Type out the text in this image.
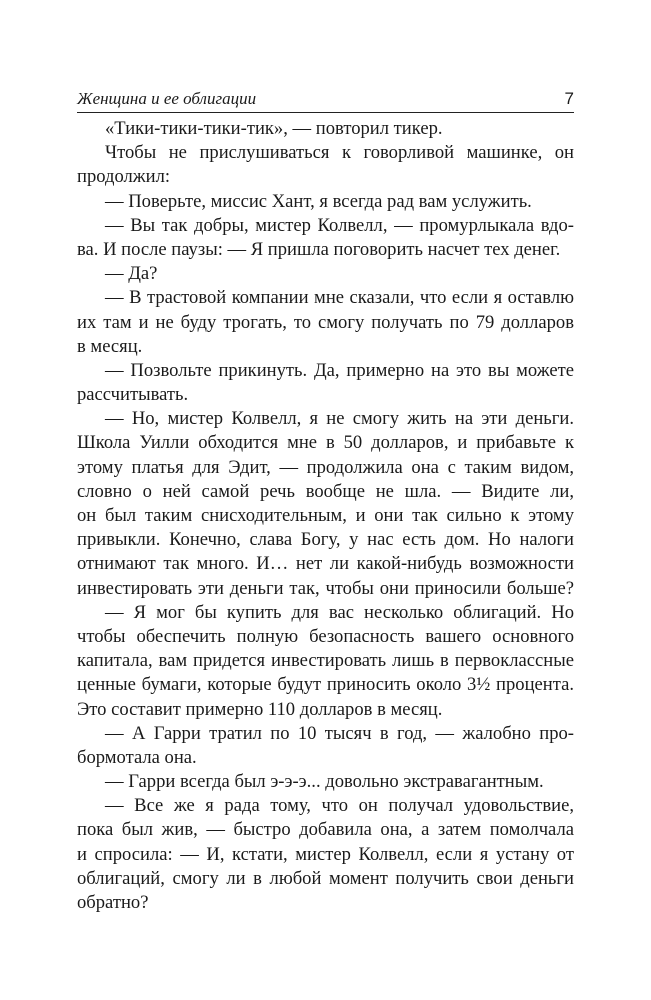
Женщина и ее облигации	7
«Тики-тики-тики-тик», — повторил тикер.
Чтобы не прислушиваться к говорливой машинке, он
продолжил:
— Поверьте, миссис Хант, я всегда рад вам услужить.
— Вы так добры, мистер Колвелл, — промурлыкала вдо-
ва. И после паузы: — Я пришла поговорить насчет тех денег.
— Да?
— В трастовой компании мне сказали, что если я оставлю
их там и не буду трогать, то смогу получать по 79 долларов
в месяц.
— Позвольте прикинуть. Да, примерно на это вы можете
рассчитывать.
— Но, мистер Колвелл, я не смогу жить на эти деньги.
Школа Уилли обходится мне в 50 долларов, и прибавьте к
этому платья для Эдит, — продолжила она с таким видом,
словно о ней самой речь вообще не шла. — Видите ли,
он был таким снисходительным, и они так сильно к этому
привыкли. Конечно, слава Богу, у нас есть дом. Но налоги
отнимают так много. И… нет ли какой-нибудь возможности
инвестировать эти деньги так, чтобы они приносили больше?
— Я мог бы купить для вас несколько облигаций. Но
чтобы обеспечить полную безопасность вашего основного
капитала, вам придется инвестировать лишь в первоклассные
ценные бумаги, которые будут приносить около 3½ процента.
Это составит примерно 110 долларов в месяц.
— А Гарри тратил по 10 тысяч в год, — жалобно про-
бормотала она.
— Гарри всегда был э-э-э... довольно экстравагантным.
— Все же я рада тому, что он получал удовольствие,
пока был жив, — быстро добавила она, а затем помолчала
и спросила: — И, кстати, мистер Колвелл, если я устану от
облигаций, смогу ли в любой момент получить свои деньги
обратно?
